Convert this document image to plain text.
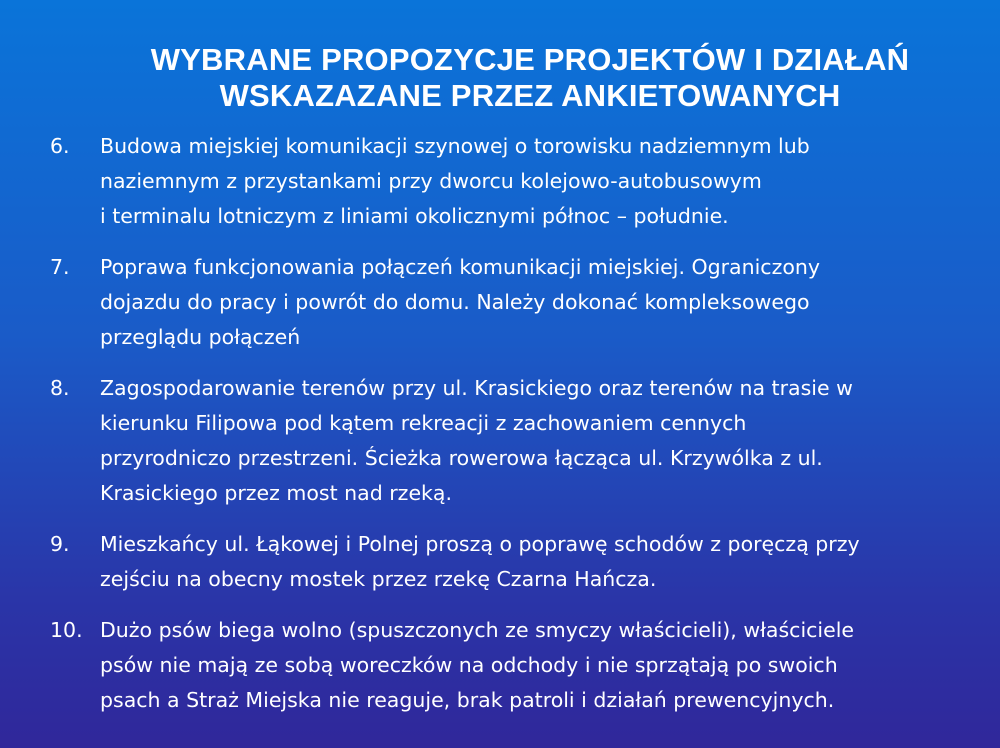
WYBRANE PROPOZYCJE PROJEKTÓW I DZIAŁAŃ
WSKAZAZANE PRZEZ ANKIETOWANYCH
6.	Budowa miejskiej komunikacji szynowej o torowisku nadziemnym lub
naziemnym z przystankami przy dworcu kolejowo-autobusowym
i terminalu lotniczym z liniami okolicznymi północ – południe.
7.	Poprawa funkcjonowania połączeń komunikacji miejskiej. Ograniczony
dojazdu do pracy i powrót do domu. Należy dokonać kompleksowego
przeglądu połączeń
8.	Zagospodarowanie terenów przy ul. Krasickiego oraz terenów na trasie w
kierunku Filipowa pod kątem rekreacji z zachowaniem cennych
przyrodniczo przestrzeni. Ścieżka rowerowa łącząca ul. Krzywólka z ul.
Krasickiego przez most nad rzeką.
9.	Mieszkańcy ul. Łąkowej i Polnej proszą o poprawę schodów z poręczą przy
zejściu na obecny mostek przez rzekę Czarna Hańcza.
10. Dużo psów biega wolno (spuszczonych ze smyczy właścicieli), właściciele
psów nie mają ze sobą woreczków na odchody i nie sprzątają po swoich
psach a Straż Miejska nie reaguje, brak patroli i działań prewencyjnych.
